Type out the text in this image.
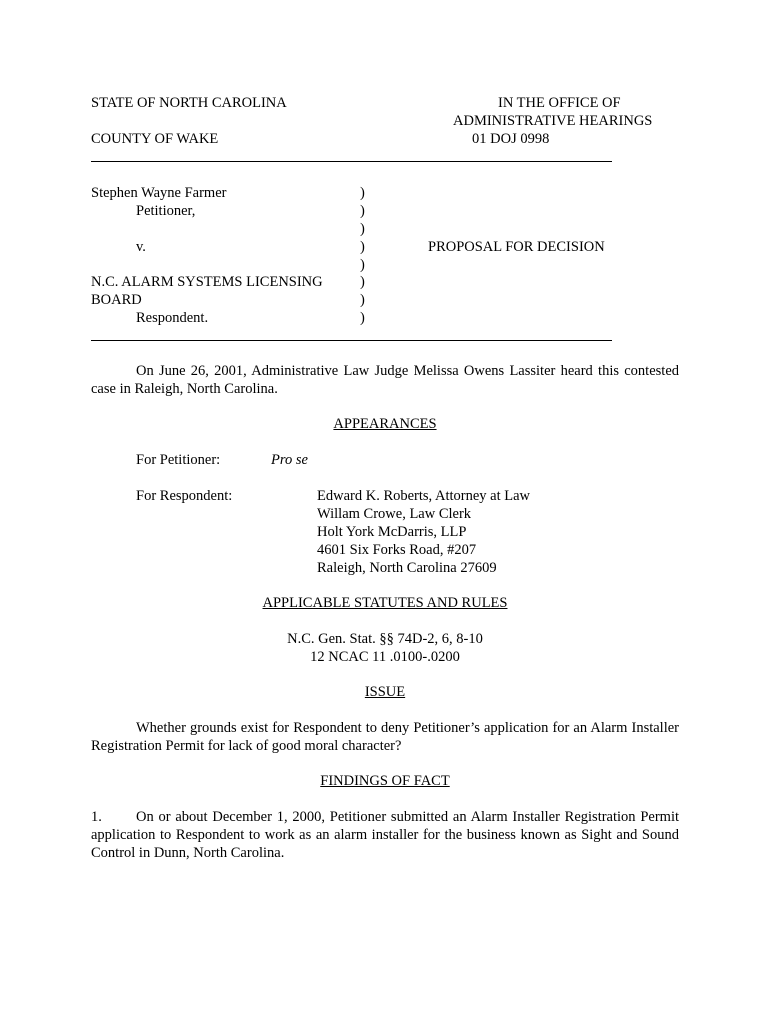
STATE OF NORTH CAROLINA
COUNTY OF WAKE
IN THE OFFICE OF
ADMINISTRATIVE HEARINGS
01 DOJ 0998
Stephen Wayne Farmer
Petitioner,
v.
N.C. ALARM SYSTEMS LICENSING
BOARD
Respondent.
)
)
)
)
)
)
)
)
PROPOSAL FOR DECISION
On June 26, 2001, Administrative Law Judge Melissa Owens Lassiter heard this contested case in Raleigh, North Carolina.
APPEARANCES
For Petitioner:	Pro se
For Respondent:	Edward K. Roberts, Attorney at Law
Willam Crowe, Law Clerk
Holt York McDarris, LLP
4601 Six Forks Road, #207
Raleigh, North Carolina 27609
APPLICABLE STATUTES AND RULES
N.C. Gen. Stat. §§ 74D-2, 6, 8-10
12 NCAC 11 .0100-.0200
ISSUE
Whether grounds exist for Respondent to deny Petitioner’s application for an Alarm Installer Registration Permit for lack of good moral character?
FINDINGS OF FACT
1. On or about December 1, 2000, Petitioner submitted an Alarm Installer Registration Permit application to Respondent to work as an alarm installer for the business known as Sight and Sound Control in Dunn, North Carolina.
